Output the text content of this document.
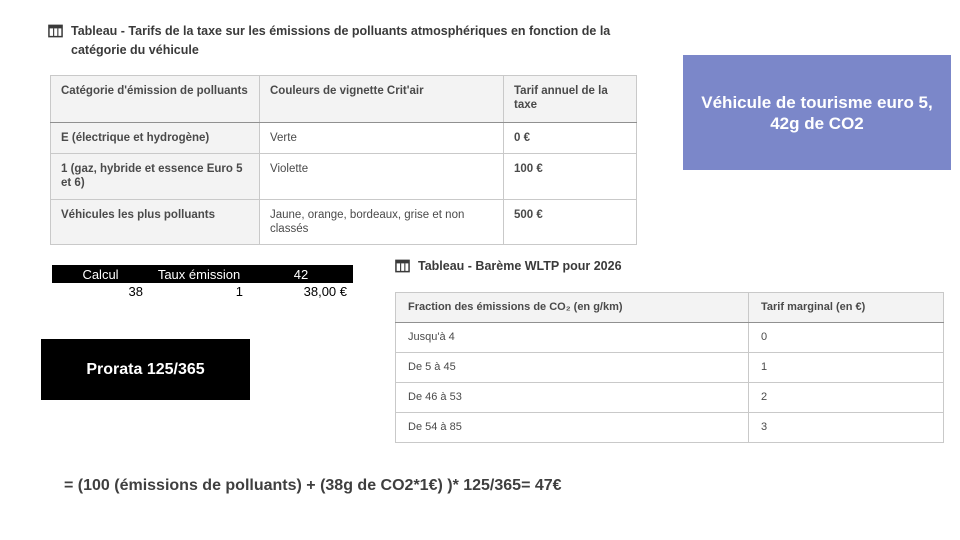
Tableau - Tarifs de la taxe sur les émissions de polluants atmosphériques en fonction de la catégorie du véhicule
Catégorie d'émission de polluants	Couleurs de vignette Crit'air	Tarif annuel de la taxe
E (électrique et hydrogène)	Verte	0 €
1 (gaz, hybride et essence Euro 5 et 6)	Violette	100 €
Véhicules les plus polluants	Jaune, orange, bordeaux, grise et non classés	500 €
Véhicule de tourisme euro 5,
42g de CO2
Calcul	Taux émission	42
38	1	38,00 €
Prorata 125/365
Tableau - Barème WLTP pour 2026
Fraction des émissions de CO₂ (en g/km)	Tarif marginal (en €)
Jusqu'à 4	0
De 5 à 45	1
De 46 à 53	2
De 54 à 85	3
= (100 (émissions de polluants) + (38g de CO2*1€) )* 125/365= 47€
